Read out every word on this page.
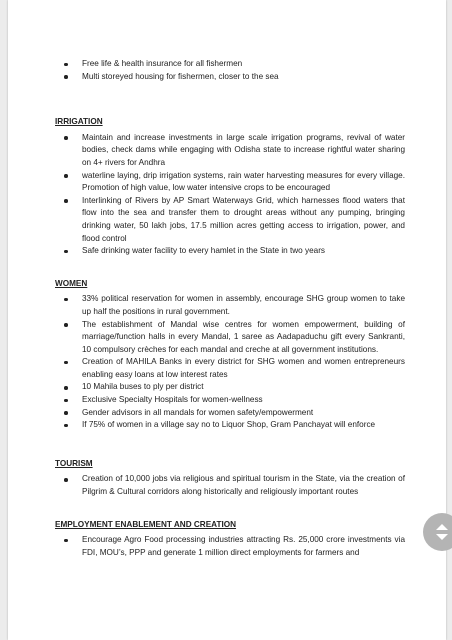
Free life & health insurance for all fishermen
Multi storeyed housing for fishermen, closer to the sea

IRRIGATION

Maintain and increase investments in large scale irrigation programs, revival of water bodies, check dams while engaging with Odisha state to increase rightful water sharing on 4+ rivers for Andhra
waterline laying, drip irrigation systems, rain water harvesting measures for every village. Promotion of high value, low water intensive crops to be encouraged
Interlinking of Rivers by AP Smart Waterways Grid, which harnesses flood waters that flow into the sea and transfer them to drought areas without any pumping, bringing drinking water, 50 lakh jobs, 17.5 million acres getting access to irrigation, power, and flood control
Safe drinking water facility to every hamlet in the State in two years

WOMEN

33% political reservation for women in assembly, encourage SHG group women to take up half the positions in rural government.
The establishment of Mandal wise centres for women empowerment, building of marriage/function halls in every Mandal, 1 saree as Aadapaduchu gift every Sankranti, 10 compulsory crèches for each mandal and creche at all government institutions.
Creation of MAHILA Banks in every district for SHG women and women entrepreneurs enabling easy loans at low interest rates
10 Mahila buses to ply per district
Exclusive Specialty Hospitals for women-wellness
Gender advisors in all mandals for women safety/empowerment
If 75% of women in a village say no to Liquor Shop, Gram Panchayat will enforce

TOURISM

Creation of 10,000 jobs via religious and spiritual tourism in the State, via the creation of Pilgrim & Cultural corridors along historically and religiously important routes

EMPLOYMENT ENABLEMENT AND CREATION

Encourage Agro Food processing industries attracting Rs. 25,000 crore investments via FDI, MOU’s, PPP and generate 1 million direct employments for farmers and
